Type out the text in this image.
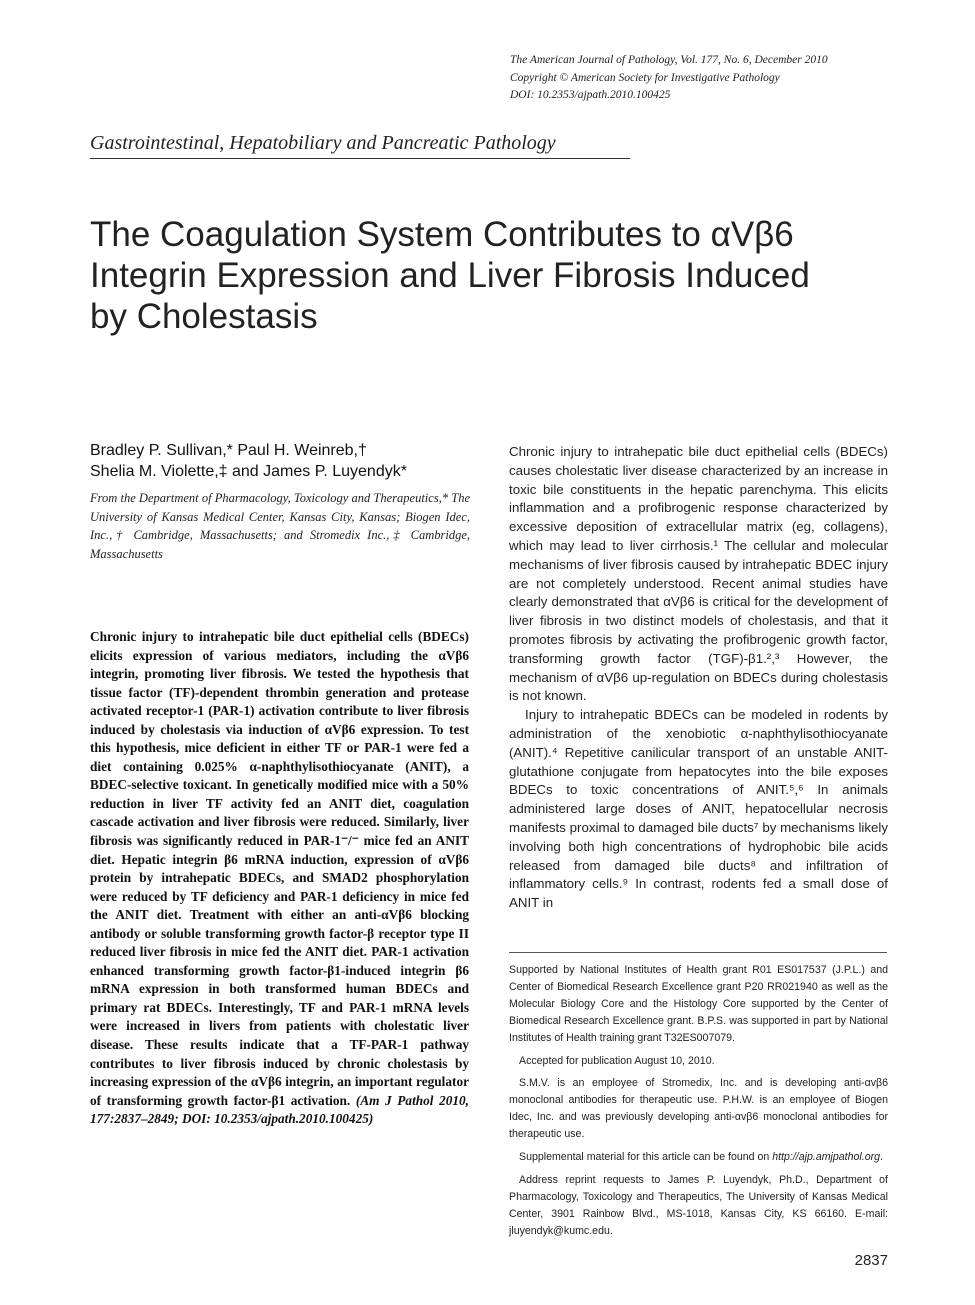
The American Journal of Pathology, Vol. 177, No. 6, December 2010
Copyright © American Society for Investigative Pathology
DOI: 10.2353/ajpath.2010.100425
Gastrointestinal, Hepatobiliary and Pancreatic Pathology
The Coagulation System Contributes to αVβ6
Integrin Expression and Liver Fibrosis Induced
by Cholestasis
Bradley P. Sullivan,* Paul H. Weinreb,†
Shelia M. Violette,‡ and James P. Luyendyk*
From the Department of Pharmacology, Toxicology and Therapeutics,* The University of Kansas Medical Center, Kansas City, Kansas; Biogen Idec, Inc.,† Cambridge, Massachusetts; and Stromedix Inc.,‡ Cambridge, Massachusetts

Chronic injury to intrahepatic bile duct epithelial cells (BDECs) elicits expression of various mediators, including the αVβ6 integrin, promoting liver fibrosis. We tested the hypothesis that tissue factor (TF)-dependent thrombin generation and protease activated receptor-1 (PAR-1) activation contribute to liver fibrosis induced by cholestasis via induction of αVβ6 expression. To test this hypothesis, mice deficient in either TF or PAR-1 were fed a diet containing 0.025% α-naphthylisothiocyanate (ANIT), a BDEC-selective toxicant. In genetically modified mice with a 50% reduction in liver TF activity fed an ANIT diet, coagulation cascade activation and liver fibrosis were reduced. Similarly, liver fibrosis was significantly reduced in PAR-1⁻/⁻ mice fed an ANIT diet. Hepatic integrin β6 mRNA induction, expression of αVβ6 protein by intrahepatic BDECs, and SMAD2 phosphorylation were reduced by TF deficiency and PAR-1 deficiency in mice fed the ANIT diet. Treatment with either an anti-αVβ6 blocking antibody or soluble transforming growth factor-β receptor type II reduced liver fibrosis in mice fed the ANIT diet. PAR-1 activation enhanced transforming growth factor-β1-induced integrin β6 mRNA expression in both transformed human BDECs and primary rat BDECs. Interestingly, TF and PAR-1 mRNA levels were increased in livers from patients with cholestatic liver disease. These results indicate that a TF-PAR-1 pathway contributes to liver fibrosis induced by chronic cholestasis by increasing expression of the αVβ6 integrin, an important regulator of transforming growth factor-β1 activation. (Am J Pathol 2010, 177:2837–2849; DOI: 10.2353/ajpath.2010.100425)

Chronic injury to intrahepatic bile duct epithelial cells (BDECs) causes cholestatic liver disease characterized by an increase in toxic bile constituents in the hepatic parenchyma. This elicits inflammation and a profibrogenic response characterized by excessive deposition of extracellular matrix (eg, collagens), which may lead to liver cirrhosis.¹ The cellular and molecular mechanisms of liver fibrosis caused by intrahepatic BDEC injury are not completely understood. Recent animal studies have clearly demonstrated that αVβ6 is critical for the development of liver fibrosis in two distinct models of cholestasis, and that it promotes fibrosis by activating the profibrogenic growth factor, transforming growth factor (TGF)-β1.²,³ However, the mechanism of αVβ6 up-regulation on BDECs during cholestasis is not known.

Injury to intrahepatic BDECs can be modeled in rodents by administration of the xenobiotic α-naphthylisothiocyanate (ANIT).⁴ Repetitive canilicular transport of an unstable ANIT-glutathione conjugate from hepatocytes into the bile exposes BDECs to toxic concentrations of ANIT.⁵,⁶ In animals administered large doses of ANIT, hepatocellular necrosis manifests proximal to damaged bile ducts⁷ by mechanisms likely involving both high concentrations of hydrophobic bile acids released from damaged bile ducts⁸ and infiltration of inflammatory cells.⁹ In contrast, rodents fed a small dose of ANIT in

Supported by National Institutes of Health grant R01 ES017537 (J.P.L.) and Center of Biomedical Research Excellence grant P20 RR021940 as well as the Molecular Biology Core and the Histology Core supported by the Center of Biomedical Research Excellence grant. B.P.S. was supported in part by National Institutes of Health training grant T32ES007079.

Accepted for publication August 10, 2010.

S.M.V. is an employee of Stromedix, Inc. and is developing anti-αvβ6 monoclonal antibodies for therapeutic use. P.H.W. is an employee of Biogen Idec, Inc. and was previously developing anti-αvβ6 monoclonal antibodies for therapeutic use.

Supplemental material for this article can be found on http://ajp.amjpathol.org.

Address reprint requests to James P. Luyendyk, Ph.D., Department of Pharmacology, Toxicology and Therapeutics, The University of Kansas Medical Center, 3901 Rainbow Blvd., MS-1018, Kansas City, KS 66160. E-mail: jluyendyk@kumc.edu.

2837
